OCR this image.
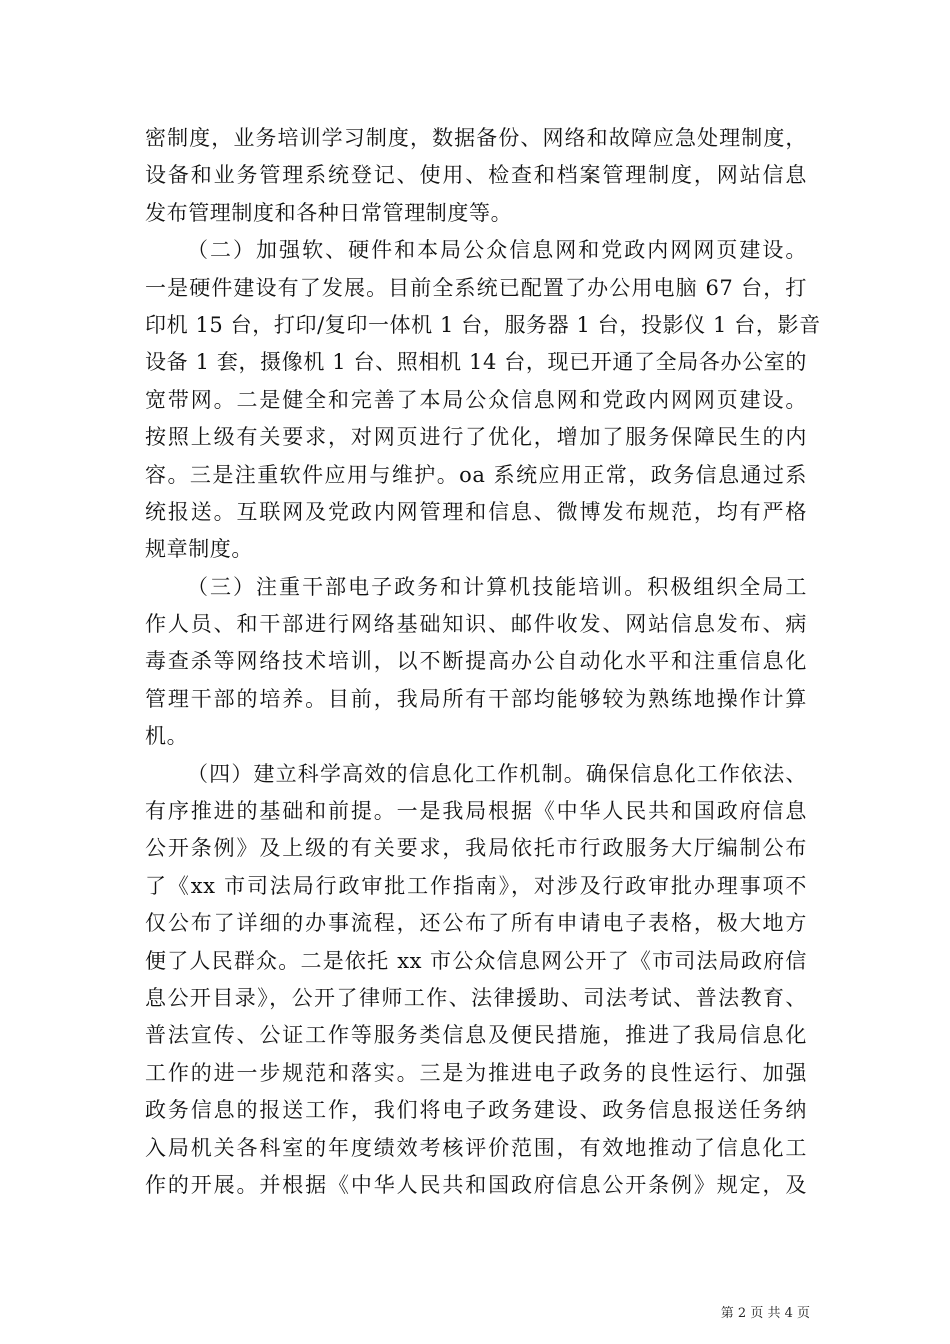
密制度，业务培训学习制度，数据备份、网络和故障应急处理制度，
设备和业务管理系统登记、使用、检查和档案管理制度，网站信息
发布管理制度和各种日常管理制度等。
（二）加强软、硬件和本局公众信息网和党政内网网页建设。
一是硬件建设有了发展。目前全系统已配置了办公用电脑 67 台，打
印机 15 台，打印/复印一体机 1 台，服务器 1 台，投影仪 1 台，影音
设备 1 套，摄像机 1 台、照相机 14 台，现已开通了全局各办公室的
宽带网。二是健全和完善了本局公众信息网和党政内网网页建设。
按照上级有关要求，对网页进行了优化，增加了服务保障民生的内
容。三是注重软件应用与维护。oa 系统应用正常，政务信息通过系
统报送。互联网及党政内网管理和信息、微博发布规范，均有严格
规章制度。
（三）注重干部电子政务和计算机技能培训。积极组织全局工
作人员、和干部进行网络基础知识、邮件收发、网站信息发布、病
毒查杀等网络技术培训，以不断提高办公自动化水平和注重信息化
管理干部的培养。目前，我局所有干部均能够较为熟练地操作计算
机。
（四）建立科学高效的信息化工作机制。确保信息化工作依法、
有序推进的基础和前提。一是我局根据《中华人民共和国政府信息
公开条例》及上级的有关要求，我局依托市行政服务大厅编制公布
了《xx 市司法局行政审批工作指南》，对涉及行政审批办理事项不
仅公布了详细的办事流程，还公布了所有申请电子表格，极大地方
便了人民群众。二是依托 xx 市公众信息网公开了《市司法局政府信
息公开目录》，公开了律师工作、法律援助、司法考试、普法教育、
普法宣传、公证工作等服务类信息及便民措施，推进了我局信息化
工作的进一步规范和落实。三是为推进电子政务的良性运行、加强
政务信息的报送工作，我们将电子政务建设、政务信息报送任务纳
入局机关各科室的年度绩效考核评价范围，有效地推动了信息化工
作的开展。并根据《中华人民共和国政府信息公开条例》规定，及
第 2 页 共 4 页
